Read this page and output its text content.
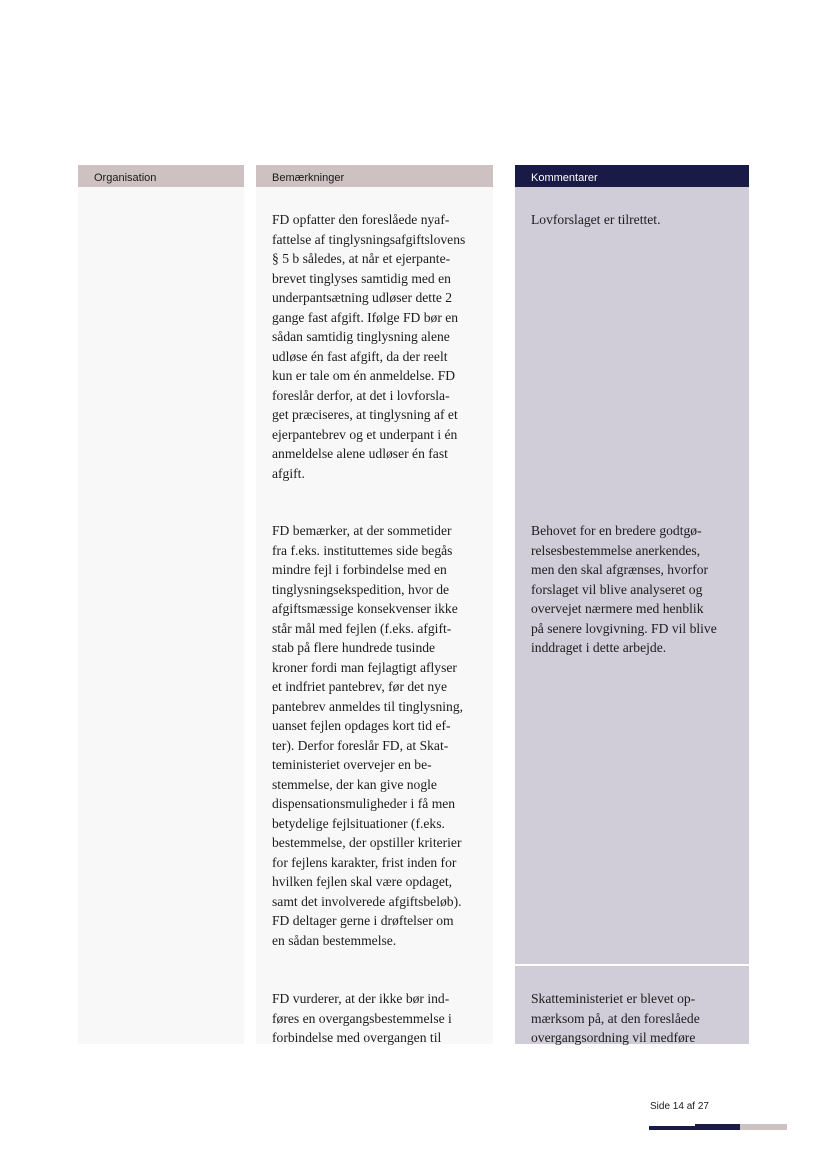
Organisation	Bemærkninger	Kommentarer
FD opfatter den foreslåede nyaf-
fattelse af tinglysningsafgiftslovens
§ 5 b således, at når et ejerpante-
brevet tinglyses samtidig med en
underpantsætning udløser dette 2
gange fast afgift. Ifølge FD bør en
sådan samtidig tinglysning alene
udløse én fast afgift, da der reelt
kun er tale om én anmeldelse. FD
foreslår derfor, at det i lovforsla-
get præciseres, at tinglysning af et
ejerpantebrev og et underpant i én
anmeldelse alene udløser én fast
afgift.
Lovforslaget er tilrettet.
FD bemærker, at der sommetider
fra f.eks. instituttemes side begås
mindre fejl i forbindelse med en
tinglysningsekspedition, hvor de
afgiftsmæssige konsekvenser ikke
står mål med fejlen (f.eks. afgift-
stab på flere hundrede tusinde
kroner fordi man fejlagtigt aflyser
et indfriet pantebrev, før det nye
pantebrev anmeldes til tinglysning,
uanset fejlen opdages kort tid ef-
ter). Derfor foreslår FD, at Skat-
teministeriet overvejer en be-
stemmelse, der kan give nogle
dispensationsmuligheder i få men
betydelige fejlsituationer (f.eks.
bestemmelse, der opstiller kriterier
for fejlens karakter, frist inden for
hvilken fejlen skal være opdaget,
samt det involverede afgiftsbeløb).
FD deltager gerne i drøftelser om
en sådan bestemmelse.
Behovet for en bredere godtgø-
relsesbestemmelse anerkendes,
men den skal afgrænses, hvorfor
forslaget vil blive analyseret og
overvejet nærmere med henblik
på senere lovgivning. FD vil blive
inddraget i dette arbejde.
FD vurderer, at der ikke bør ind-
føres en overgangsbestemmelse i
forbindelse med overgangen til
Skatteministeriet er blevet op-
mærksom på, at den foreslåede
overgangsordning vil medføre
Side 14 af 27
